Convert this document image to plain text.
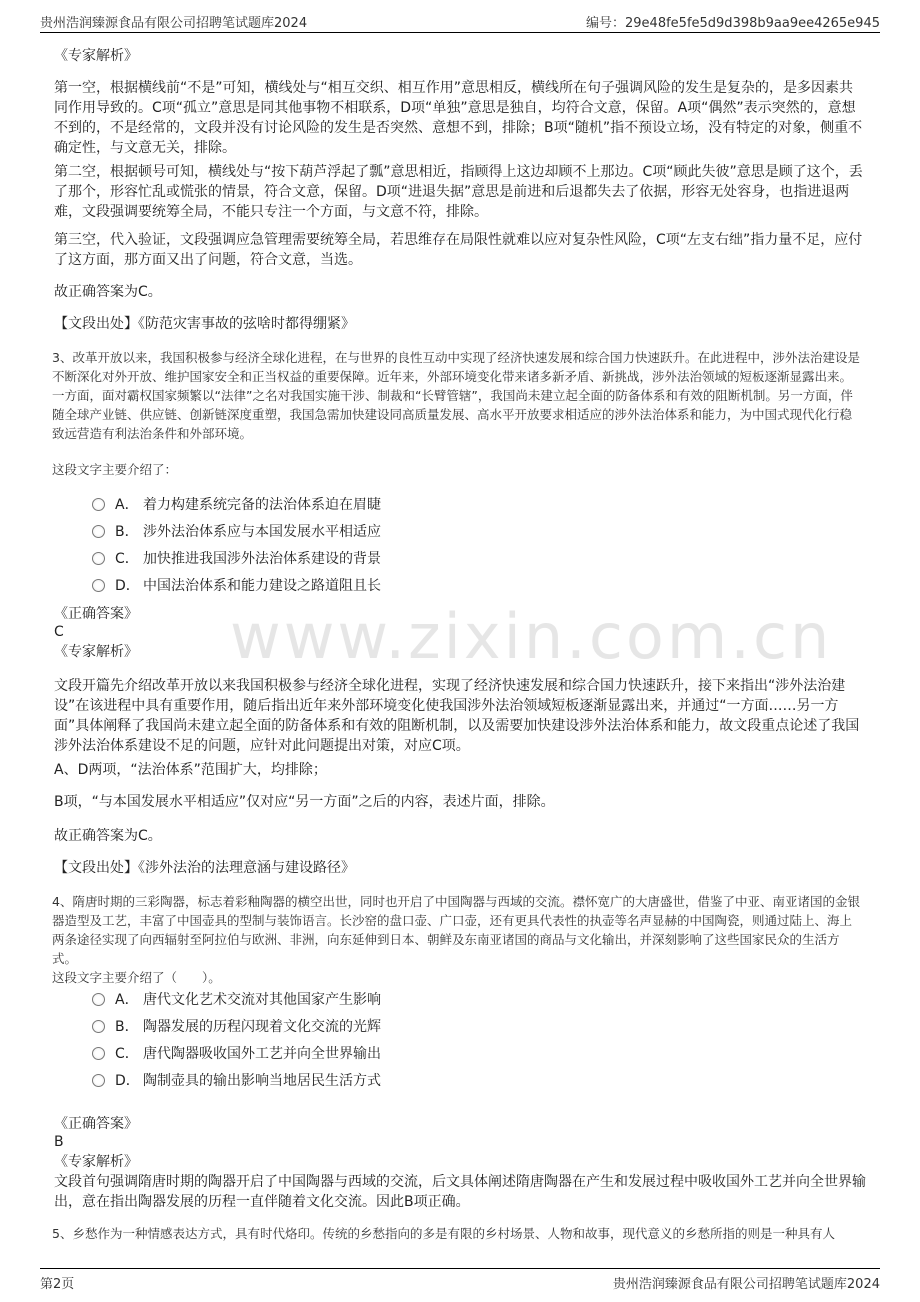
贵州浩润臻源食品有限公司招聘笔试题库2024	编号：29e48fe5fe5d9d398b9aa9ee4265e945
www.zixin.com.cn

《专家解析》

第一空，根据横线前“不是”可知，横线处与“相互交织、相互作用”意思相反，横线所在句子强调风险的发生是复杂的，是多因素共同作用导致的。C项“孤立”意思是同其他事物不相联系，D项“单独”意思是独自，均符合文意，保留。A项“偶然”表示突然的，意想不到的，不是经常的，文段并没有讨论风险的发生是否突然、意想不到，排除；B项“随机”指不预设立场，没有特定的对象，侧重不确定性，与文意无关，排除。

第二空，根据顿号可知，横线处与“按下葫芦浮起了瓢”意思相近，指顾得上这边却顾不上那边。C项“顾此失彼”意思是顾了这个，丢了那个，形容忙乱或慌张的情景，符合文意，保留。D项“进退失据”意思是前进和后退都失去了依据，形容无处容身，也指进退两难，文段强调要统筹全局，不能只专注一个方面，与文意不符，排除。

第三空，代入验证，文段强调应急管理需要统筹全局，若思维存在局限性就难以应对复杂性风险，C项“左支右绌”指力量不足，应付了这方面，那方面又出了问题，符合文意，当选。

故正确答案为C。

【文段出处】《防范灾害事故的弦啥时都得绷紧》

3、改革开放以来，我国积极参与经济全球化进程，在与世界的良性互动中实现了经济快速发展和综合国力快速跃升。在此进程中，涉外法治建设是不断深化对外开放、维护国家安全和正当权益的重要保障。近年来，外部环境变化带来诸多新矛盾、新挑战，涉外法治领域的短板逐渐显露出来。一方面，面对霸权国家频繁以“法律”之名对我国实施干涉、制裁和“长臂管辖”，我国尚未建立起全面的防备体系和有效的阻断机制。另一方面，伴随全球产业链、供应链、创新链深度重塑，我国急需加快建设同高质量发展、高水平开放要求相适应的涉外法治体系和能力，为中国式现代化行稳致远营造有利法治条件和外部环境。

这段文字主要介绍了：

A． 着力构建系统完备的法治体系迫在眉睫
B． 涉外法治体系应与本国发展水平相适应
C． 加快推进我国涉外法治体系建设的背景
D． 中国法治体系和能力建设之路道阻且长

《正确答案》

C

《专家解析》

文段开篇先介绍改革开放以来我国积极参与经济全球化进程，实现了经济快速发展和综合国力快速跃升，接下来指出“涉外法治建设”在该进程中具有重要作用，随后指出近年来外部环境变化使我国涉外法治领域短板逐渐显露出来，并通过“一方面……另一方面”具体阐释了我国尚未建立起全面的防备体系和有效的阻断机制，以及需要加快建设涉外法治体系和能力，故文段重点论述了我国涉外法治体系建设不足的问题，应针对此问题提出对策，对应C项。

A、D两项，“法治体系”范围扩大，均排除；

B项，“与本国发展水平相适应”仅对应“另一方面”之后的内容，表述片面，排除。

故正确答案为C。

【文段出处】《涉外法治的法理意涵与建设路径》

4、隋唐时期的三彩陶器，标志着彩釉陶器的横空出世，同时也开启了中国陶器与西域的交流。襟怀宽广的大唐盛世，借鉴了中亚、南亚诸国的金银器造型及工艺，丰富了中国壶具的型制与装饰语言。长沙窑的盘口壶、广口壶，还有更具代表性的执壶等名声显赫的中国陶瓷，则通过陆上、海上两条途径实现了向西辐射至阿拉伯与欧洲、非洲，向东延伸到日本、朝鲜及东南亚诸国的商品与文化输出，并深刻影响了这些国家民众的生活方式。

这段文字主要介绍了（　　）。

A． 唐代文化艺术交流对其他国家产生影响
B． 陶器发展的历程闪现着文化交流的光辉
C． 唐代陶器吸收国外工艺并向全世界输出
D． 陶制壶具的输出影响当地居民生活方式

《正确答案》

B

《专家解析》

文段首句强调隋唐时期的陶器开启了中国陶器与西域的交流，后文具体阐述隋唐陶器在产生和发展过程中吸收国外工艺并向全世界输出，意在指出陶器发展的历程一直伴随着文化交流。因此B项正确。

5、乡愁作为一种情感表达方式，具有时代烙印。传统的乡愁指向的多是有限的乡村场景、人物和故事，现代意义的乡愁所指的则是一种具有人

第2页	贵州浩润臻源食品有限公司招聘笔试题库2024
